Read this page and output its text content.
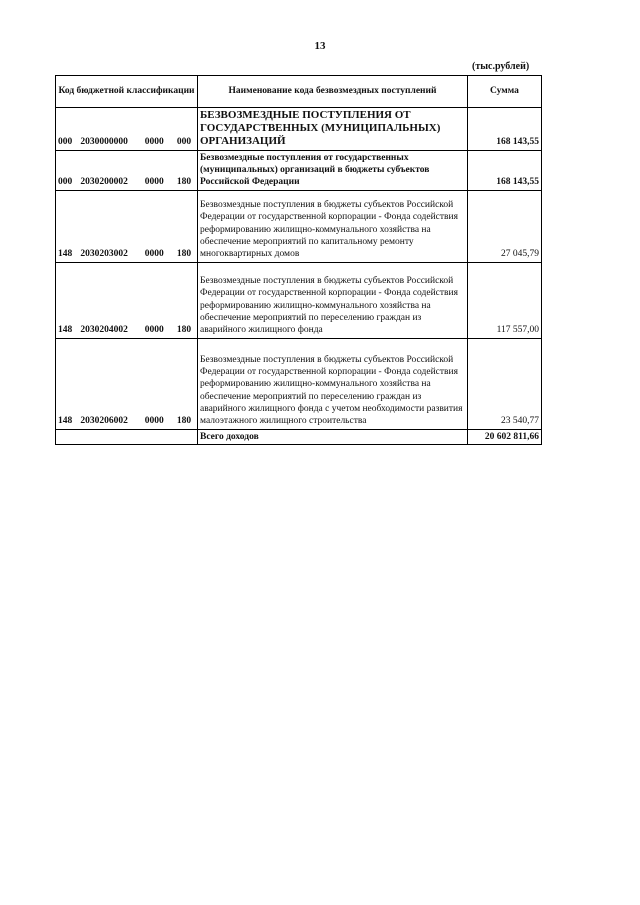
13
(тыс.рублей)
Код бюджетной классификации	Наименование кода безвозмездных поступлений	Сумма
000 2030000000 0000 000	БЕЗВОЗМЕЗДНЫЕ ПОСТУПЛЕНИЯ ОТ ГОСУДАРСТВЕННЫХ (МУНИЦИПАЛЬНЫХ) ОРГАНИЗАЦИЙ	168 143,55
000 2030200002 0000 180	Безвозмездные поступления от государственных (муниципальных) организаций в бюджеты субъектов Российской Федерации	168 143,55
148 2030203002 0000 180	Безвозмездные поступления в бюджеты субъектов Российской Федерации от государственной корпорации - Фонда содействия реформированию жилищно-коммунального хозяйства на обеспечение мероприятий по капитальному ремонту многоквартирных домов	27 045,79
148 2030204002 0000 180	Безвозмездные поступления в бюджеты субъектов Российской Федерации от государственной корпорации - Фонда содействия реформированию жилищно-коммунального хозяйства на обеспечение мероприятий по переселению граждан из аварийного жилищного фонда	117 557,00
148 2030206002 0000 180	Безвозмездные поступления в бюджеты субъектов Российской Федерации от государственной корпорации - Фонда содействия реформированию жилищно-коммунального хозяйства на обеспечение мероприятий по переселению граждан из аварийного жилищного фонда с учетом необходимости развития малоэтажного жилищного строительства	23 540,77
	Всего доходов	20 602 811,66
